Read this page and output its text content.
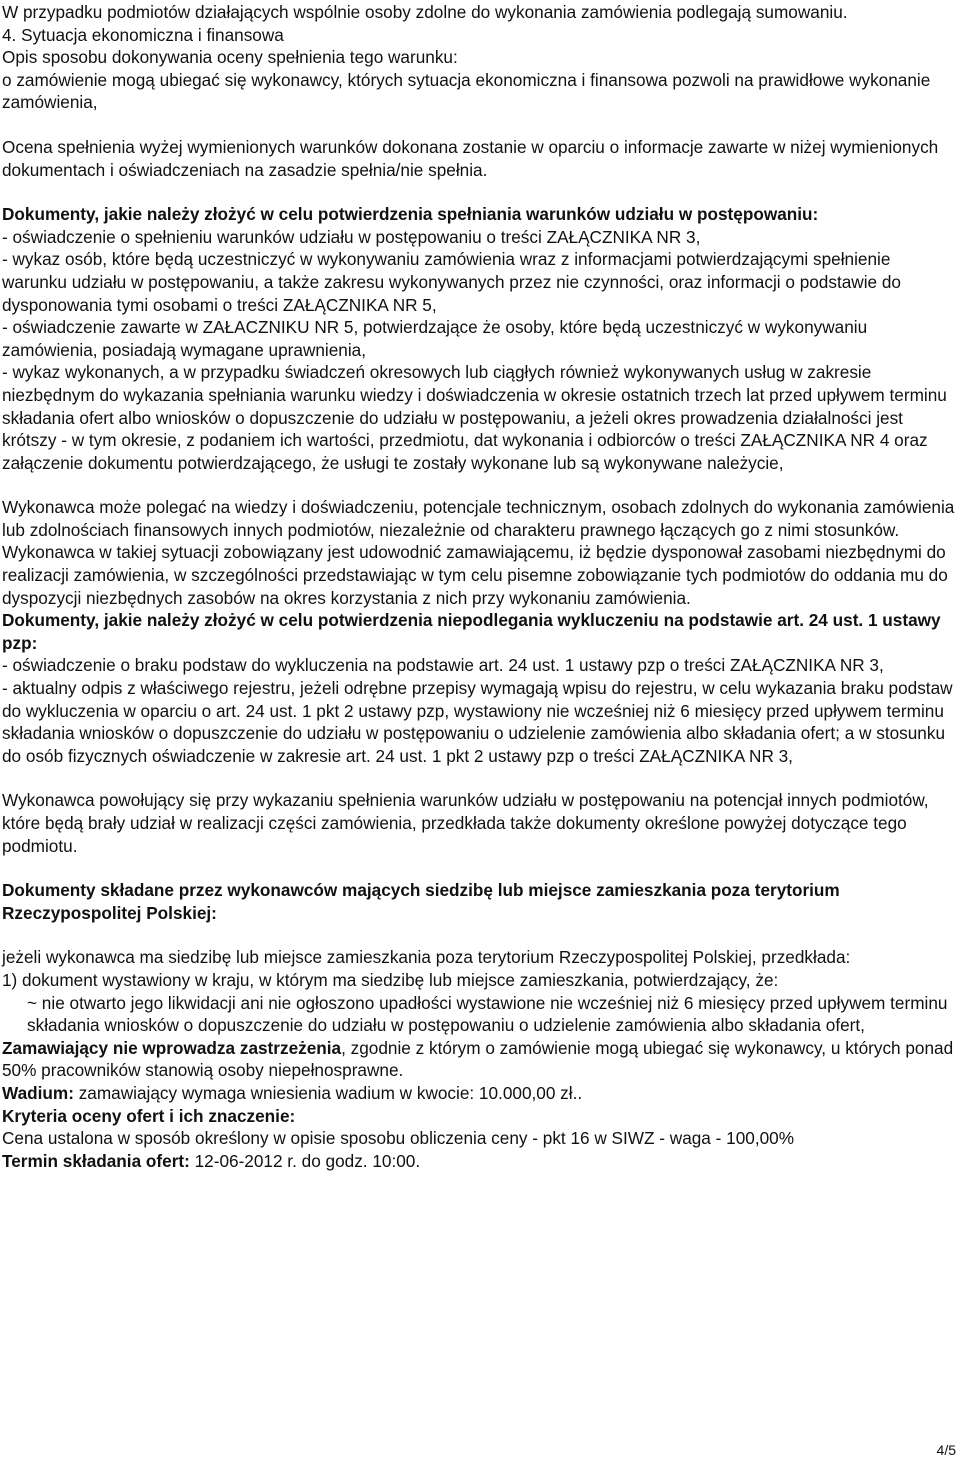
W przypadku podmiotów działających wspólnie osoby zdolne do wykonania zamówienia podlegają sumowaniu.

4. Sytuacja ekonomiczna i finansowa

Opis sposobu dokonywania oceny spełnienia tego warunku:

o zamówienie mogą ubiegać się wykonawcy, których sytuacja ekonomiczna i finansowa pozwoli na prawidłowe wykonanie zamówienia,

Ocena spełnienia wyżej wymienionych warunków dokonana zostanie w oparciu o informacje zawarte w niżej wymienionych dokumentach i oświadczeniach na zasadzie spełnia/nie spełnia.

Dokumenty, jakie należy złożyć w celu potwierdzenia spełniania warunków udziału w postępowaniu:

- oświadczenie o spełnieniu warunków udziału w postępowaniu o treści ZAŁĄCZNIKA NR 3,

- wykaz osób, które będą uczestniczyć w wykonywaniu zamówienia wraz z informacjami potwierdzającymi spełnienie warunku udziału w postępowaniu, a także zakresu wykonywanych przez nie czynności, oraz informacji o podstawie do dysponowania tymi osobami o treści ZAŁĄCZNIKA NR 5,

- oświadczenie zawarte w ZAŁACZNIKU NR 5, potwierdzające że osoby, które będą uczestniczyć w wykonywaniu zamówienia, posiadają wymagane uprawnienia,

- wykaz wykonanych, a w przypadku świadczeń okresowych lub ciągłych również wykonywanych usług w zakresie niezbędnym do wykazania spełniania warunku wiedzy i doświadczenia w okresie ostatnich trzech lat przed upływem terminu składania ofert albo wniosków o dopuszczenie do udziału w postępowaniu, a jeżeli okres prowadzenia działalności jest krótszy - w tym okresie, z podaniem ich wartości, przedmiotu, dat wykonania i odbiorców o treści ZAŁĄCZNIKA NR 4 oraz załączenie dokumentu potwierdzającego, że usługi te zostały wykonane lub są wykonywane należycie,

Wykonawca może polegać na wiedzy i doświadczeniu, potencjale technicznym, osobach zdolnych do wykonania zamówienia lub zdolnościach finansowych innych podmiotów, niezależnie od charakteru prawnego łączących go z nimi stosunków. Wykonawca w takiej sytuacji zobowiązany jest udowodnić zamawiającemu, iż będzie dysponował zasobami niezbędnymi do realizacji zamówienia, w szczególności przedstawiając w tym celu pisemne zobowiązanie tych podmiotów do oddania mu do dyspozycji niezbędnych zasobów na okres korzystania z nich przy wykonaniu zamówienia.

Dokumenty, jakie należy złożyć w celu potwierdzenia niepodlegania wykluczeniu na podstawie art. 24 ust. 1 ustawy pzp:

- oświadczenie o braku podstaw do wykluczenia na podstawie art. 24 ust. 1 ustawy pzp o treści ZAŁĄCZNIKA NR 3,

- aktualny odpis z właściwego rejestru, jeżeli odrębne przepisy wymagają wpisu do rejestru, w celu wykazania braku podstaw do wykluczenia w oparciu o art. 24 ust. 1 pkt 2 ustawy pzp, wystawiony nie wcześniej niż 6 miesięcy przed upływem terminu składania wniosków o dopuszczenie do udziału w postępowaniu o udzielenie zamówienia albo składania ofert; a w stosunku do osób fizycznych oświadczenie w zakresie art. 24 ust. 1 pkt 2 ustawy pzp o treści ZAŁĄCZNIKA NR 3,

Wykonawca powołujący się przy wykazaniu spełnienia warunków udziału w postępowaniu na potencjał innych podmiotów, które będą brały udział w realizacji części zamówienia, przedkłada także dokumenty określone powyżej dotyczące tego podmiotu.

Dokumenty składane przez wykonawców mających siedzibę lub miejsce zamieszkania poza terytorium Rzeczypospolitej Polskiej:

jeżeli wykonawca ma siedzibę lub miejsce zamieszkania poza terytorium Rzeczypospolitej Polskiej, przedkłada:

1) dokument wystawiony w kraju, w którym ma siedzibę lub miejsce zamieszkania, potwierdzający, że:

~ nie otwarto jego likwidacji ani nie ogłoszono upadłości wystawione nie wcześniej niż 6 miesięcy przed upływem terminu składania wniosków o dopuszczenie do udziału w postępowaniu o udzielenie zamówienia albo składania ofert,

Zamawiający nie wprowadza zastrzeżenia, zgodnie z którym o zamówienie mogą ubiegać się wykonawcy, u których ponad 50% pracowników stanowią osoby niepełnosprawne.

Wadium: zamawiający wymaga wniesienia wadium w kwocie: 10.000,00 zł..

Kryteria oceny ofert i ich znaczenie:

Cena ustalona w sposób określony w opisie sposobu obliczenia ceny - pkt 16 w SIWZ - waga - 100,00%

Termin składania ofert: 12-06-2012 r. do godz. 10:00.

4/5
